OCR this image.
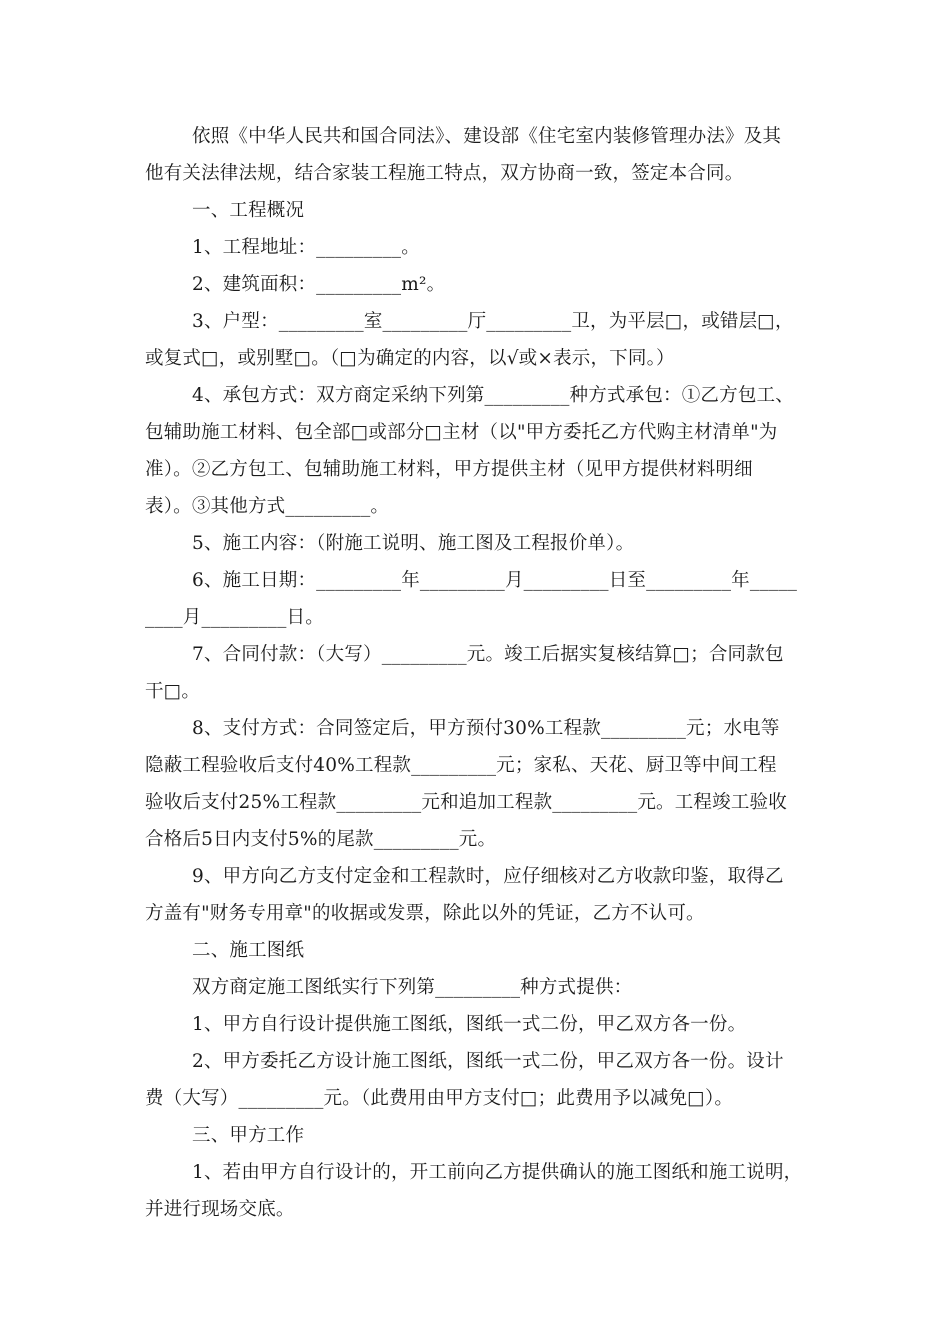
依照《中华人民共和国合同法》、建设部《住宅室内装修管理办法》及其
他有关法律法规，结合家装工程施工特点，双方协商一致，签定本合同。
一、工程概况
1、工程地址：_________。
2、建筑面积：_________m²。
3、户型：_________室_________厅_________卫，为平层□，或错层□，
或复式□，或别墅□。（□为确定的内容，以√或×表示，下同。）
4、承包方式：双方商定采纳下列第_________种方式承包：①乙方包工、
包辅助施工材料、包全部□或部分□主材（以"甲方委托乙方代购主材清单"为
准）。②乙方包工、包辅助施工材料，甲方提供主材（见甲方提供材料明细
表）。③其他方式_________。
5、施工内容：（附施工说明、施工图及工程报价单）。
6、施工日期：_________年_________月_________日至_________年_____
____月_________日。
7、合同付款：（大写）_________元。竣工后据实复核结算□；合同款包
干□。
8、支付方式：合同签定后，甲方预付30%工程款_________元；水电等
隐蔽工程验收后支付40%工程款_________元；家私、天花、厨卫等中间工程
验收后支付25%工程款_________元和追加工程款_________元。工程竣工验收
合格后5日内支付5%的尾款_________元。
9、甲方向乙方支付定金和工程款时，应仔细核对乙方收款印鉴，取得乙
方盖有"财务专用章"的收据或发票，除此以外的凭证，乙方不认可。
二、施工图纸
双方商定施工图纸实行下列第_________种方式提供：
1、甲方自行设计提供施工图纸，图纸一式二份，甲乙双方各一份。
2、甲方委托乙方设计施工图纸，图纸一式二份，甲乙双方各一份。设计
费（大写）_________元。（此费用由甲方支付□；此费用予以减免□）。
三、甲方工作
1、若由甲方自行设计的，开工前向乙方提供确认的施工图纸和施工说明，
并进行现场交底。
